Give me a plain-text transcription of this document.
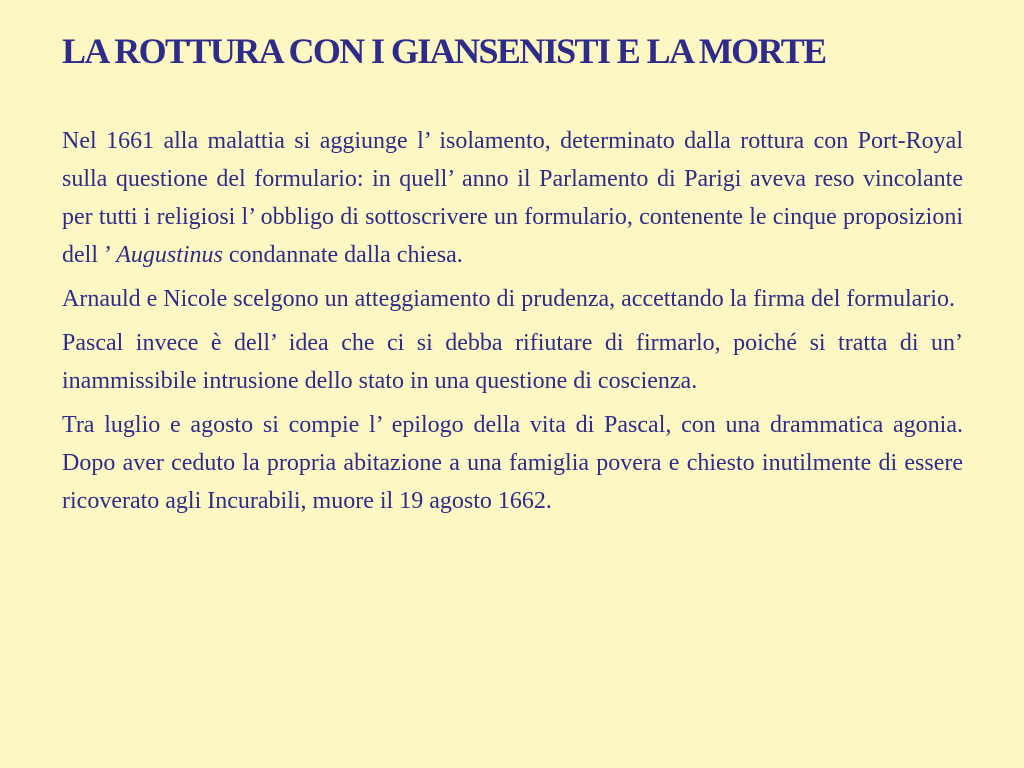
LA ROTTURA CON I GIANSENISTI E LA MORTE

Nel 1661 alla malattia si aggiunge l’ isolamento, determinato dalla rottura con Port-Royal sulla questione del formulario: in quell’ anno il Parlamento di Parigi aveva reso vincolante per tutti i religiosi l’ obbligo di sottoscrivere un formulario, contenente le cinque proposizioni dell ’ Augustinus condannate dalla chiesa.

Arnauld e Nicole scelgono un atteggiamento di prudenza, accettando la firma del formulario.

Pascal invece è dell’ idea che ci si debba rifiutare di firmarlo, poiché si tratta di un’ inammissibile intrusione dello stato in una questione di coscienza.

Tra luglio e agosto si compie l’ epilogo della vita di Pascal, con una drammatica agonia. Dopo aver ceduto la propria abitazione a una famiglia povera e chiesto inutilmente di essere ricoverato agli Incurabili, muore il 19 agosto 1662.
